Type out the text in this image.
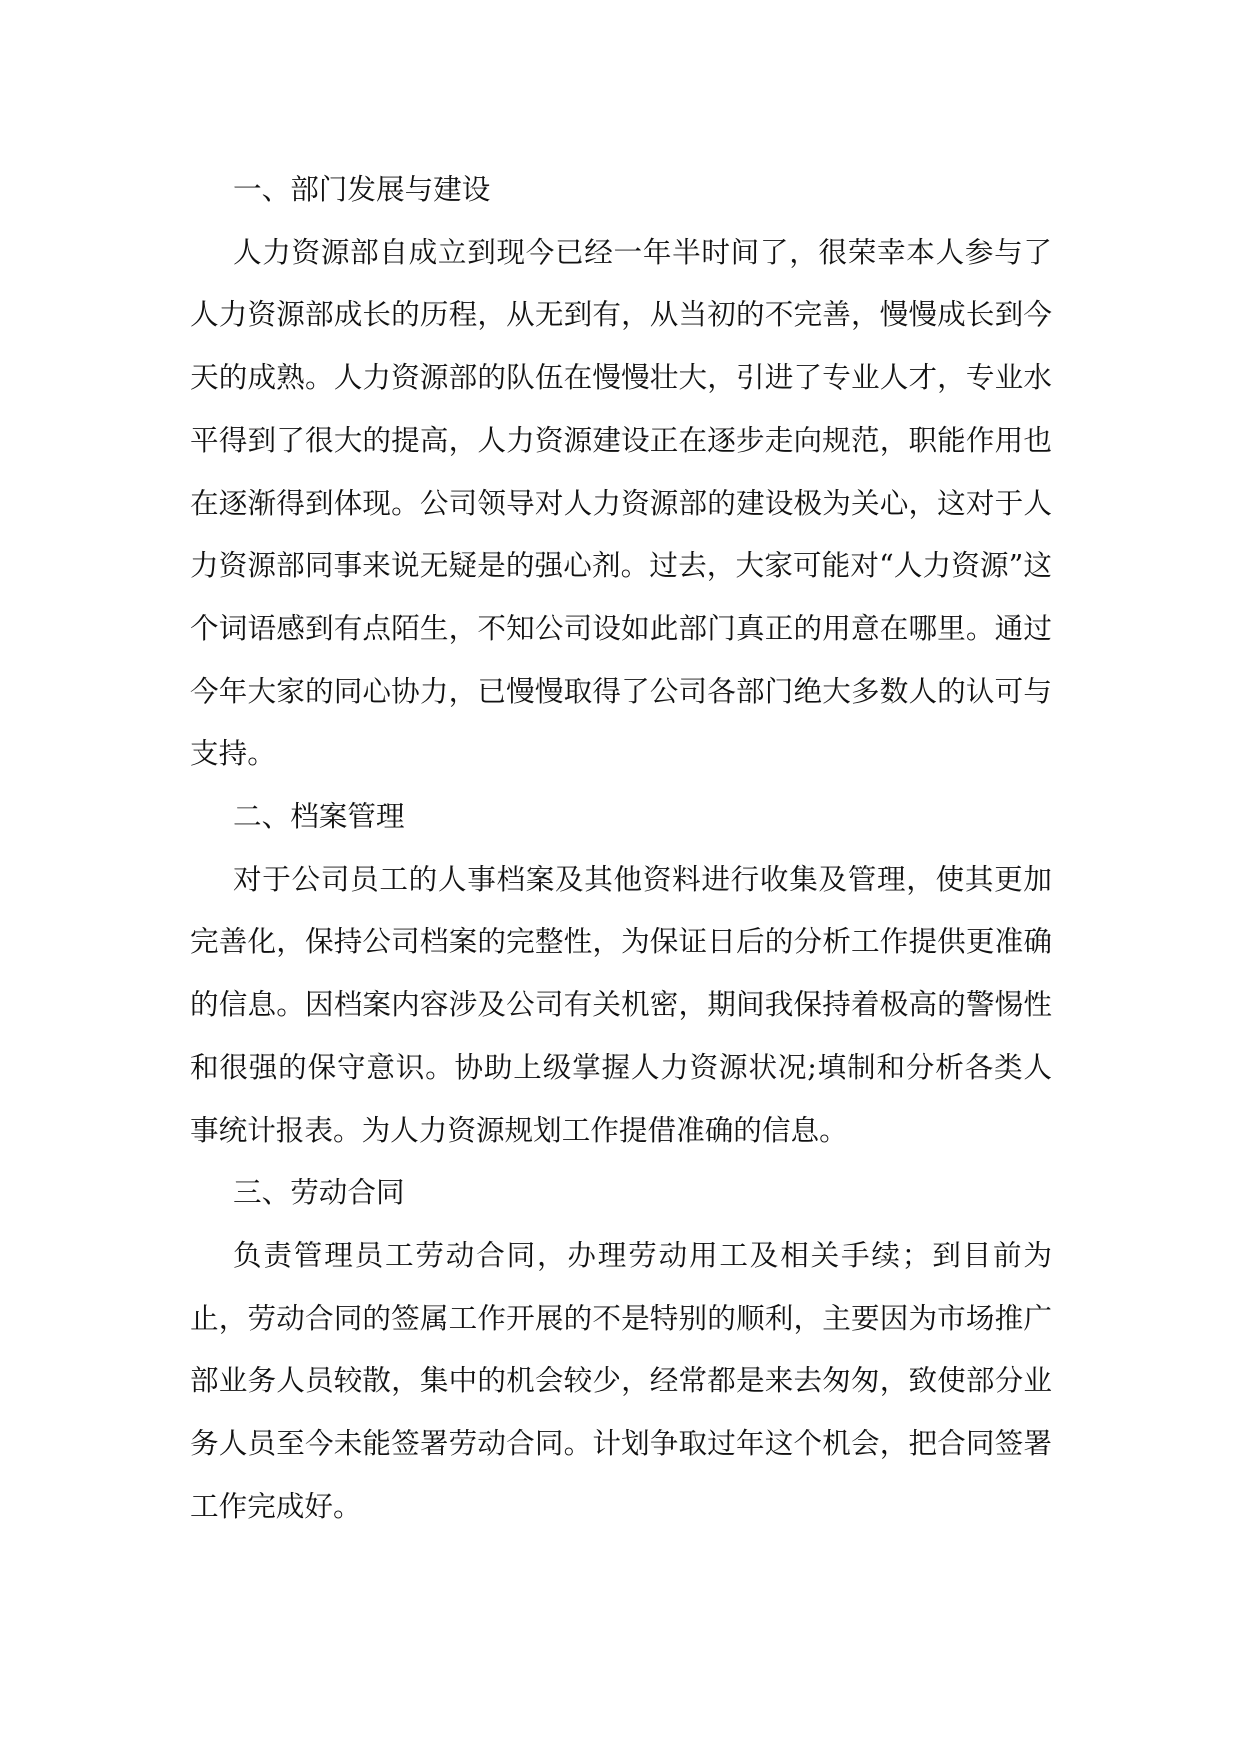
一、部门发展与建设

人力资源部自成立到现今已经一年半时间了，很荣幸本人参与了人力资源部成长的历程，从无到有，从当初的不完善，慢慢成长到今天的成熟。人力资源部的队伍在慢慢壮大，引进了专业人才，专业水平得到了很大的提高，人力资源建设正在逐步走向规范，职能作用也在逐渐得到体现。公司领导对人力资源部的建设极为关心，这对于人力资源部同事来说无疑是的强心剂。过去，大家可能对“人力资源”这个词语感到有点陌生，不知公司设如此部门真正的用意在哪里。通过今年大家的同心协力，已慢慢取得了公司各部门绝大多数人的认可与支持。

二、档案管理

对于公司员工的人事档案及其他资料进行收集及管理，使其更加完善化，保持公司档案的完整性，为保证日后的分析工作提供更准确的信息。因档案内容涉及公司有关机密，期间我保持着极高的警惕性和很强的保守意识。协助上级掌握人力资源状况;填制和分析各类人事统计报表。为人力资源规划工作提借准确的信息。

三、劳动合同

负责管理员工劳动合同，办理劳动用工及相关手续；到目前为止，劳动合同的签属工作开展的不是特别的顺利，主要因为市场推广部业务人员较散，集中的机会较少，经常都是来去匆匆，致使部分业务人员至今未能签署劳动合同。计划争取过年这个机会，把合同签署工作完成好。
